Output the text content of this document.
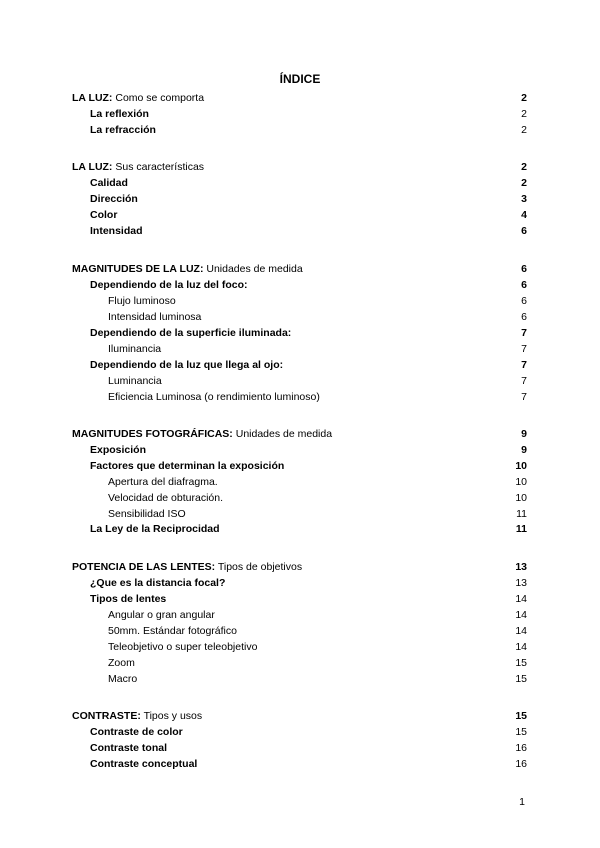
ÍNDICE
LA LUZ: Como se comporta	2
La reflexión	2
La refracción	2
LA LUZ: Sus características	2
Calidad	2
Dirección	3
Color	4
Intensidad	6
MAGNITUDES DE LA LUZ: Unidades de medida	6
Dependiendo de la luz del foco:	6
Flujo luminoso	6
Intensidad luminosa	6
Dependiendo de la superficie iluminada:	7
Iluminancia	7
Dependiendo de la luz que llega al ojo:	7
Luminancia	7
Eficiencia Luminosa (o rendimiento luminoso)	7
MAGNITUDES FOTOGRÁFICAS: Unidades de medida	9
Exposición	9
Factores que determinan la exposición	10
Apertura del diafragma.	10
Velocidad de obturación.	10
Sensibilidad ISO	11
La Ley de la Reciprocidad	11
POTENCIA DE LAS LENTES: Tipos de objetivos	13
¿Que es la distancia focal?	13
Tipos de lentes	14
Angular o gran angular	14
50mm. Estándar fotográfico	14
Teleobjetivo o super teleobjetivo	14
Zoom	15
Macro	15
CONTRASTE: Tipos y usos	15
Contraste de color	15
Contraste tonal	16
Contraste conceptual	16
1
